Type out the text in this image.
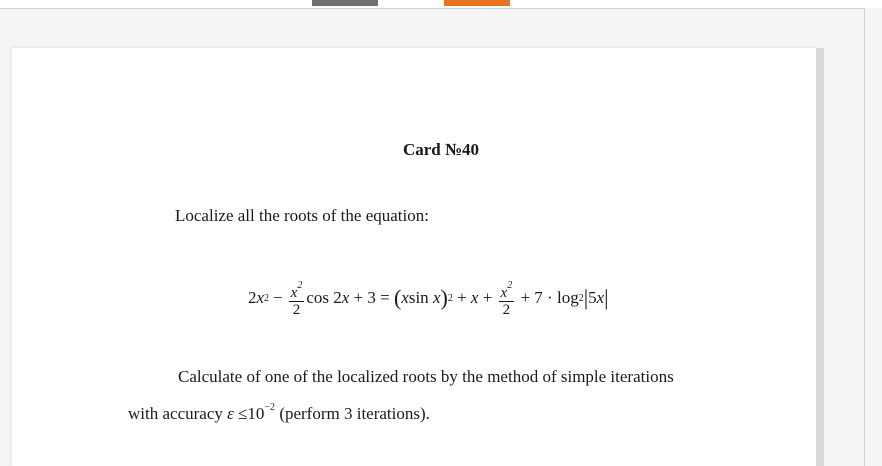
Card №40
Localize all the roots of the equation:
2 x $2 - \frac{x^2}{2}$ cos 2 x + 3 = ( x sin x ) $2 + x + \frac{x^2}{2} + 7 \cdot \log 2$ | 5 x |
Calculate of one of the localized roots by the method of simple iterations
with accuracy $\varepsilon \le 10^{-2}$ (perform 3 iterations).
